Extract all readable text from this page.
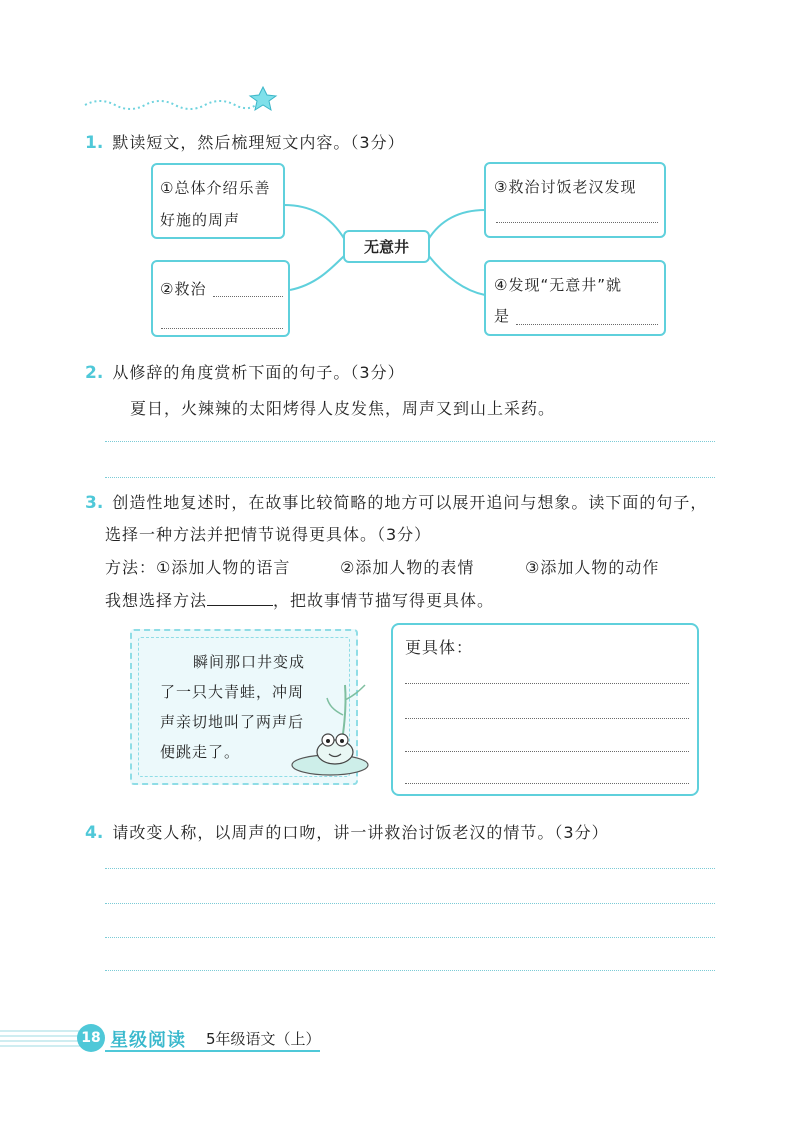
1. 默读短文，然后梳理短文内容。（3分）
①总体介绍乐善
好施的周声
无意井
②救治
③救治讨饭老汉发现
④发现“无意井”就
是
2. 从修辞的角度赏析下面的句子。（3分）
夏日，火辣辣的太阳烤得人皮发焦，周声又到山上采药。
3. 创造性地复述时，在故事比较简略的地方可以展开追问与想象。读下面的句子，
选择一种方法并把情节说得更具体。（3分）
方法：①添加人物的语言	②添加人物的表情	③添加人物的动作
我想选择方法	，把故事情节描写得更具体。
瞬间那口井变成
了一只大青蛙，冲周
声亲切地叫了两声后
便跳走了。
更具体：
4. 请改变人称，以周声的口吻，讲一讲救治讨饭老汉的情节。（3分）
18 星级阅读 5年级语文（上）
